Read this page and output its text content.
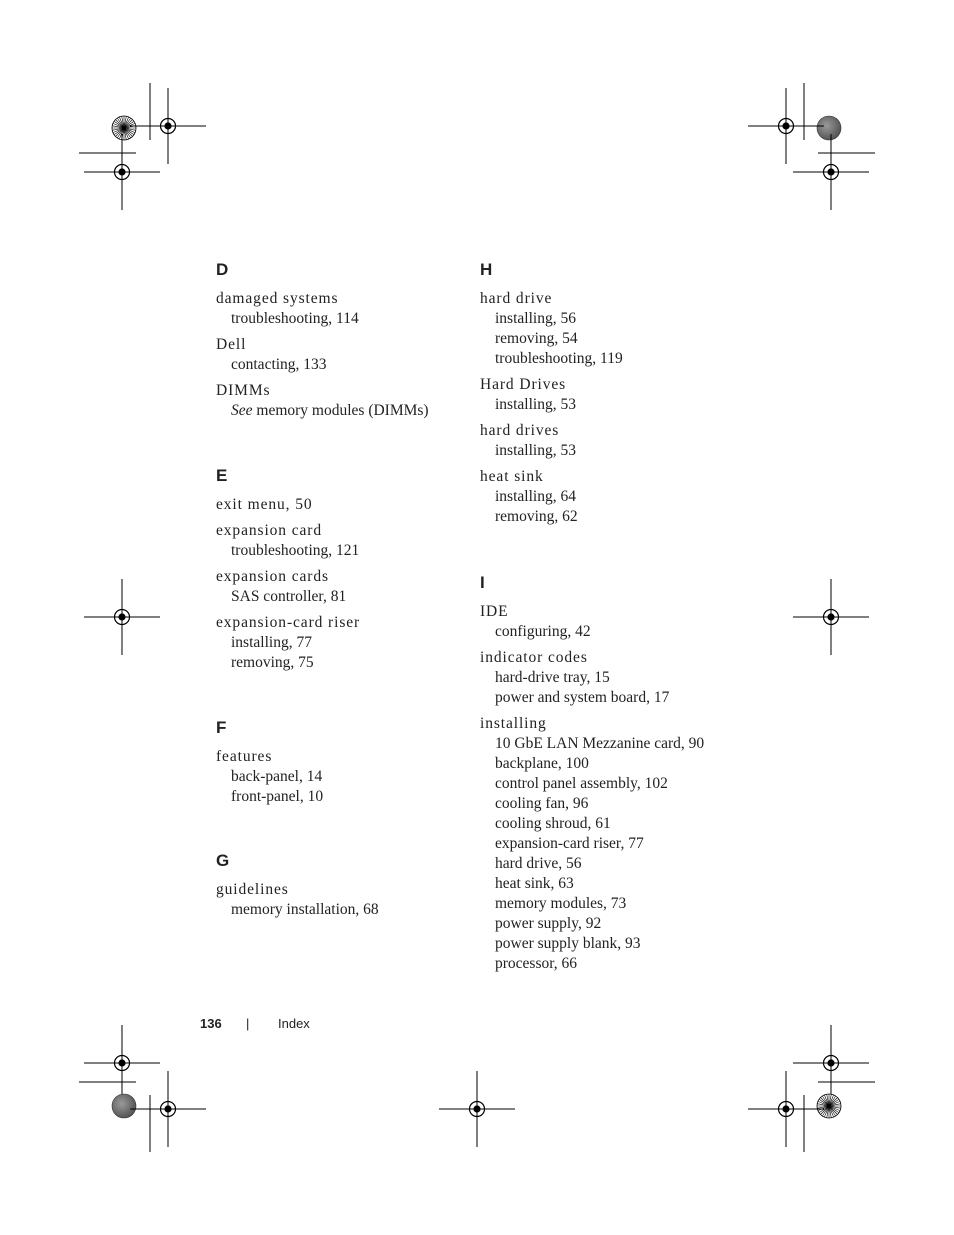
D
damaged systems
troubleshooting, 114
Dell
contacting, 133
DIMMs
See memory modules (DIMMs)
E
exit menu, 50
expansion card
troubleshooting, 121
expansion cards
SAS controller, 81
expansion-card riser
installing, 77
removing, 75
F
features
back-panel, 14
front-panel, 10
G
guidelines
memory installation, 68
H
hard drive
installing, 56
removing, 54
troubleshooting, 119
Hard Drives
installing, 53
hard drives
installing, 53
heat sink
installing, 64
removing, 62
I
IDE
configuring, 42
indicator codes
hard-drive tray, 15
power and system board, 17
installing
10 GbE LAN Mezzanine card, 90
backplane, 100
control panel assembly, 102
cooling fan, 96
cooling shroud, 61
expansion-card riser, 77
hard drive, 56
heat sink, 63
memory modules, 73
power supply, 92
power supply blank, 93
processor, 66
136 | Index
